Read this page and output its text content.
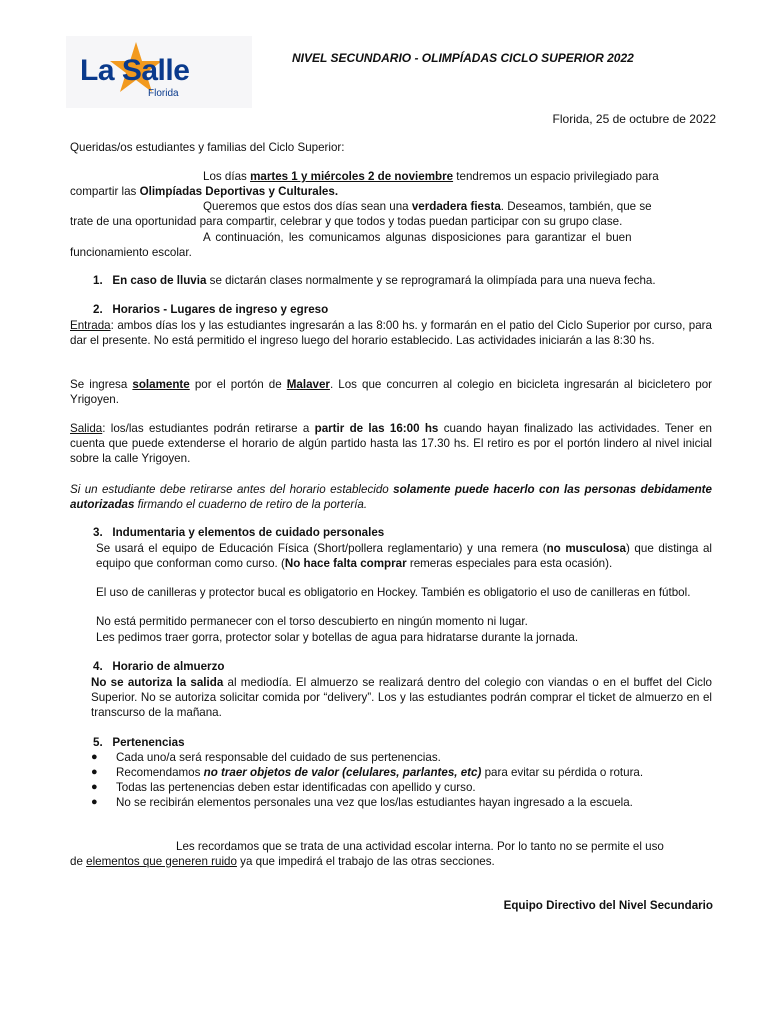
La Salle
Florida
NIVEL SECUNDARIO - OLIMPÍADAS CICLO SUPERIOR 2022
Florida, 25 de octubre de 2022
Queridas/os estudiantes y familias del Ciclo Superior:
Los días martes 1 y miércoles 2 de noviembre tendremos un espacio privilegiado para
compartir las Olimpíadas Deportivas y Culturales.
Queremos que estos dos días sean una verdadera fiesta. Deseamos, también, que se
trate de una oportunidad para compartir, celebrar y que todos y todas puedan participar con su grupo clase.
A continuación, les comunicamos algunas disposiciones para garantizar el buen
funcionamiento escolar.
1. En caso de lluvia se dictarán clases normalmente y se reprogramará la olimpíada para una nueva fecha.
2. Horarios - Lugares de ingreso y egreso
Entrada: ambos días los y las estudiantes ingresarán a las 8:00 hs. y formarán en el patio del Ciclo Superior por curso, para dar el presente. No está permitido el ingreso luego del horario establecido. Las actividades iniciarán a las 8:30 hs.
Se ingresa solamente por el portón de Malaver. Los que concurren al colegio en bicicleta ingresarán al bicicletero por Yrigoyen.
Salida: los/las estudiantes podrán retirarse a partir de las 16:00 hs cuando hayan finalizado las actividades. Tener en cuenta que puede extenderse el horario de algún partido hasta las 17.30 hs. El retiro es por el portón lindero al nivel inicial sobre la calle Yrigoyen.
Si un estudiante debe retirarse antes del horario establecido solamente puede hacerlo con las personas debidamente autorizadas firmando el cuaderno de retiro de la portería.
3. Indumentaria y elementos de cuidado personales
Se usará el equipo de Educación Física (Short/pollera reglamentario) y una remera (no musculosa) que distinga al equipo que conforman como curso. (No hace falta comprar remeras especiales para esta ocasión).
El uso de canilleras y protector bucal es obligatorio en Hockey. También es obligatorio el uso de canilleras en fútbol.
No está permitido permanecer con el torso descubierto en ningún momento ni lugar.
Les pedimos traer gorra, protector solar y botellas de agua para hidratarse durante la jornada.
4. Horario de almuerzo
No se autoriza la salida al mediodía. El almuerzo se realizará dentro del colegio con viandas o en el buffet del Ciclo Superior. No se autoriza solicitar comida por “delivery”. Los y las estudiantes podrán comprar el ticket de almuerzo en el transcurso de la mañana.
5. Pertenencias
● Cada uno/a será responsable del cuidado de sus pertenencias.
● Recomendamos no traer objetos de valor (celulares, parlantes, etc) para evitar su pérdida o rotura.
● Todas las pertenencias deben estar identificadas con apellido y curso.
● No se recibirán elementos personales una vez que los/las estudiantes hayan ingresado a la escuela.
Les recordamos que se trata de una actividad escolar interna. Por lo tanto no se permite el uso
de elementos que generen ruido ya que impedirá el trabajo de las otras secciones.
Equipo Directivo del Nivel Secundario
